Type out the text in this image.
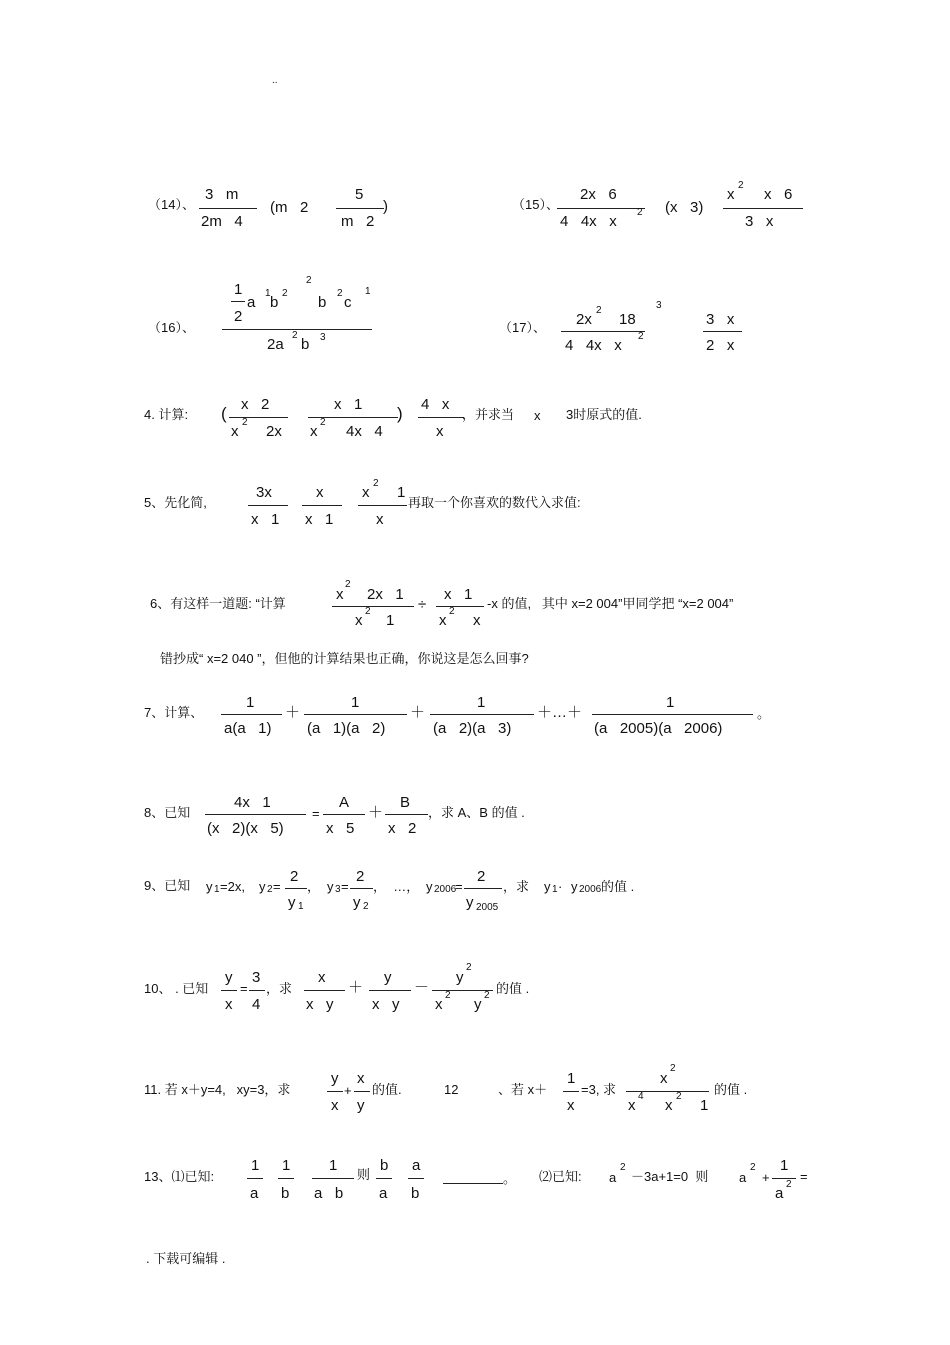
..
. 下载可编辑 .
（14）、
3   m
2m   4
(m   2
5
m   2
)	（15）、
2x   6
4   4x   x
2 (x   3)
x
2
x   6
3   x
（16）、
1
2
a
1
b
2
2
b
2
c
1
2a
2
b 3
（17）、 2x
2
18
4   4x   x
2
3
3   x
2   x
4. 计算: ( x   2
x
2
2x
x   1
x
2
4x   4
) 4   x
x
，并求当 x 3时原式的值.
5、先化简,
3x
x   1
x
x   1
x
2
1
x
再取一个你喜欢的数代入求值:
6、有这样一道题: “计算
x
2
2x   1
x
2
1
÷
x   1
x
2
x
-x 的值,   其中 x=2 004”甲同学把 “x=2 004”
错抄成“ x=2 040 ”，但他的计算结果也正确，你说这是怎么回事?
7、计算、
1
a(a   1)
＋
1
(a   1)(a   2)
＋
1
(a   2)(a   3)
＋…＋
1
(a   2005)(a   2006)
。
8、已知
4x   1
(x   2)(x   5)
=
A
x   5
＋
B
x   2
，求 A、B 的值 .
9、已知 y 1 =2x, y 2 =
2
y 1
， y 3 =
2
y 2
，  …， y 2006
=
2
y 2005
，求 y 1 · y 2006 的值 .
10、 . 已知
y
x
=
3
4
，求
x
x   y
＋
y
x   y
－
y
2
x
2
y
2 的值 .
11. 若 x＋y=4,   xy=3，求
y
x
+
x
y
的值.	12	、若 x＋
1
x
=3, 求
x
2
x
4
x
2
1
的值 .
13、⑴已知:
1
a
1
b
1
a   b
则
b
a
a
b
。 ⑵已知: a
2
－3a+1=0  则 a
2
+
1
a
2
=
